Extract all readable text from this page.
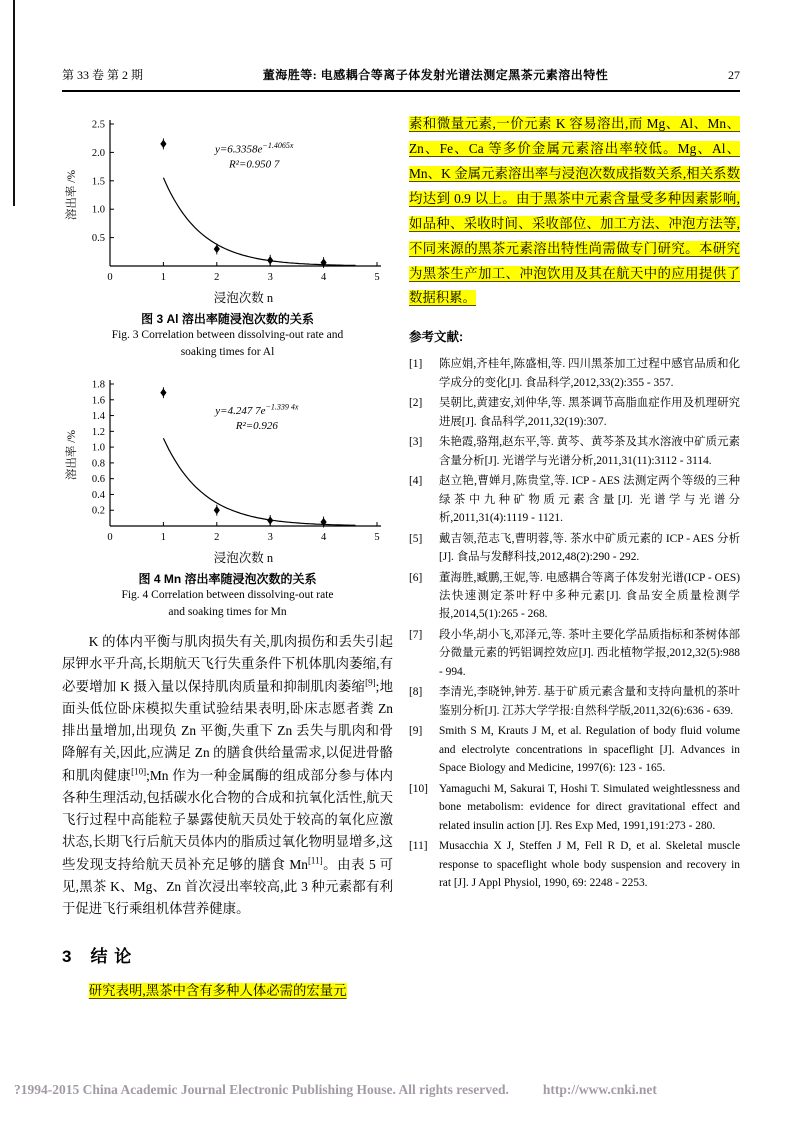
第 33 卷 第 2 期	董海胜等: 电感耦合等离子体发射光谱法测定黑茶元素溶出特性	27
0.5
1.0
1.5
2.0
2.5
0	1	2	3	4	5
浸泡次数 n
溶出率 /%
$y=6.3358e^{-1.4065x}$
R²=0.950 7
图 3 Al 溶出率随浸泡次数的关系
Fig. 3 Correlation between dissolving-out rate and
soaking times for Al
0.2
0.4
0.6
0.8
1.0
1.2
1.4
1.6
1.8
0	1	2	3	4	5
浸泡次数 n
溶出率 /%
y=4.247 $7e^{-1.339 4x}$
R²=0.926
图 4 Mn 溶出率随浸泡次数的关系
Fig. 4 Correlation between dissolving-out rate
and soaking times for Mn

K 的体内平衡与肌肉损失有关,肌肉损伤和丢失引起尿钾水平升高,长期航天飞行失重条件下机体肌肉萎缩,有必要增加 K 摄入量以保持肌肉质量和抑制肌肉萎缩[9];地面头低位卧床模拟失重试验结果表明,卧床志愿者粪 Zn 排出量增加,出现负 Zn 平衡,失重下 Zn 丢失与肌肉和骨降解有关,因此,应满足 Zn 的膳食供给量需求,以促进骨骼和肌肉健康[10];Mn 作为一种金属酶的组成部分参与体内各种生理活动,包括碳水化合物的合成和抗氧化活性,航天飞行过程中高能粒子暴露使航天员处于较高的氧化应激状态,长期飞行后航天员体内的脂质过氧化物明显增多,这些发现支持给航天员补充足够的膳食 Mn[11]。由表 5 可见,黑茶 K、Mg、Zn 首次浸出率较高,此 3 种元素都有利于促进飞行乘组机体营养健康。

3 结 论

研究表明,黑茶中含有多种人体必需的宏量元

素和微量元素,一价元素 K 容易溶出,而 Mg、Al、Mn、Zn、Fe、Ca 等多价金属元素溶出率较低。Mg、Al、Mn、K 金属元素溶出率与浸泡次数成指数关系,相关系数均达到 0.9 以上。由于黑茶中元素含量受多种因素影响,如品种、采收时间、采收部位、加工方法、冲泡方法等,不同来源的黑茶元素溶出特性尚需做专门研究。本研究为黑茶生产加工、冲泡饮用及其在航天中的应用提供了数据积累。

参考文献:
[1]	陈应娟,齐桂年,陈盛相,等. 四川黑茶加工过程中感官品质和化学成分的变化[J]. 食品科学,2012,33(2):355 - 357.
[2]	吴朝比,黄建安,刘仲华,等. 黑茶调节高脂血症作用及机理研究进展[J]. 食品科学,2011,32(19):307.
[3]	朱艳霞,骆翔,赵东平,等. 黄芩、黄芩茶及其水溶液中矿质元素含量分析[J]. 光谱学与光谱分析,2011,31(11):3112 - 3114.
[4]	赵立艳,曹婵月,陈贵堂,等. ICP - AES 法测定两个等级的三种绿茶中九种矿物质元素含量[J]. 光谱学与光谱分析,2011,31(4):1119 - 1121.
[5]	戴吉领,范志飞,曹明蓉,等. 茶水中矿质元素的 ICP - AES 分析[J]. 食品与发酵科技,2012,48(2):290 - 292.
[6]	董海胜,臧鹏,王妮,等. 电感耦合等离子体发射光谱(ICP - OES)法快速测定茶叶籽中多种元素[J]. 食品安全质量检测学报,2014,5(1):265 - 268.
[7]	段小华,胡小飞,邓泽元,等. 茶叶主要化学品质指标和茶树体部分微量元素的钙铝调控效应[J]. 西北植物学报,2012,32(5):988 - 994.
[8]	李清光,李晓钟,钟芳. 基于矿质元素含量和支持向量机的茶叶鉴别分析[J]. 江苏大学学报:自然科学版,2011,32(6):636 - 639.
[9]	Smith S M, Krauts J M, et al. Regulation of body fluid volume and electrolyte concentrations in spaceflight [J]. Advances in Space Biology and Medicine, 1997(6): 123 - 165.
[10] Yamaguchi M, Sakurai T, Hoshi T. Simulated weightlessness and bone metabolism: evidence for direct gravitational effect and related insulin action [J]. Res Exp Med, 1991,191:273 - 280.
[11]	Musacchia X J, Steffen J M, Fell R D, et al. Skeletal muscle response to spaceflight whole body suspension and recovery in rat [J]. J Appl Physiol, 1990, 69: 2248 - 2253.
?1994-2015 China Academic Journal Electronic Publishing House. All rights reserved.	http://www.cnki.net
